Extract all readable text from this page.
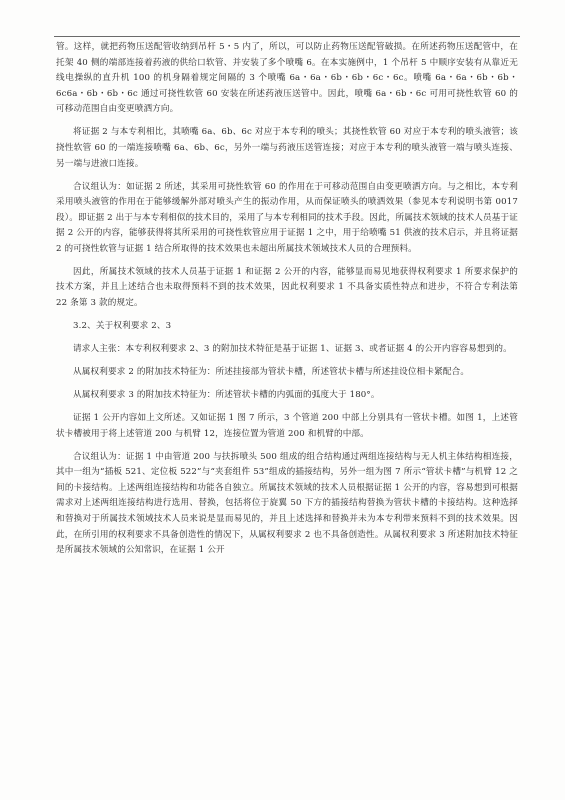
管。这样，就把药物压送配管收纳到吊杆 5・5 内了，所以，可以防止药物压送配管破损。在所述药物压送配管中，在托架 40 侧的端部连接着药液的供给口软管、并安装了多个喷嘴 6。在本实施例中，1 个吊杆 5 中顺序安装有从靠近无线电操纵的直升机 100 的机身隔着规定间隔的 3 个喷嘴 6a・6a・6b・6b・6c・6c。喷嘴 6a・6a・6b・6b・6c6a・6b・6b・6c 通过可挠性软管 60 安装在所述药液压送管中。因此，喷嘴 6a・6b・6c 可用可挠性软管 60 的可移动范围自由变更喷洒方向。

将证据 2 与本专利相比，其喷嘴 6a、6b、6c 对应于本专利的喷头；其挠性软管 60 对应于本专利的喷头液管；该挠性软管 60 的一端连接喷嘴 6a、6b、6c，另外一端与药液压送管连接；对应于本专利的喷头液管一端与喷头连接、另一端与进液口连接。

合议组认为：如证据 2 所述，其采用可挠性软管 60 的作用在于可移动范围自由变更喷洒方向。与之相比，本专利采用喷头液管的作用在于能够缓解外部对喷头产生的振动作用，从而保证喷头的喷洒效果（参见本专利说明书第 0017 段）。即证据 2 出于与本专利相似的技术目的，采用了与本专利相同的技术手段。因此，所属技术领域的技术人员基于证据 2 公开的内容，能够获得将其所采用的可挠性软管应用于证据 1 之中，用于给喷嘴 51 供液的技术启示，并且将证据 2 的可挠性软管与证据 1 结合所取得的技术效果也未超出所属技术领域技术人员的合理预料。

因此，所属技术领域的技术人员基于证据 1 和证据 2 公开的内容，能够显而易见地获得权利要求 1 所要求保护的技术方案，并且上述结合也未取得预料不到的技术效果，因此权利要求 1 不具备实质性特点和进步，不符合专利法第 22 条第 3 款的规定。

3.2、关于权利要求 2、3

请求人主张：本专利权利要求 2、3 的附加技术特征是基于证据 1、证据 3、或者证据 4 的公开内容容易想到的。

从属权利要求 2 的附加技术特征为：所述挂接部为管状卡槽，所述管状卡槽与所述挂设位相卡紧配合。

从属权利要求 3 的附加技术特征为：所述管状卡槽的内弧面的弧度大于 180°。

证据 1 公开内容如上文所述。又如证据 1 图 7 所示，3 个管道 200 中部上分别具有一管状卡槽。如图 1，上述管状卡槽被用于将上述管道 200 与机臂 12，连接位置为管道 200 和机臂的中部。

合议组认为：证据 1 中由管道 200 与扶拆喷头 500 组成的组合结构通过两组连接结构与无人机主体结构相连接，其中一组为“插板 521、定位板 522”与“夹套组件 53”组成的插接结构，另外一组为图 7 所示“管状卡槽”与机臂 12 之间的卡接结构。上述两组连接结构和功能各自独立。所属技术领域的技术人员根据证据 1 公开的内容，容易想到可根据需求对上述两组连接结构进行选用、替换，包括将位于旋翼 50 下方的插接结构替换为管状卡槽的卡接结构。这种选择和替换对于所属技术领域技术人员来说是显而易见的，并且上述选择和替换并未为本专利带来预料不到的技术效果。因此，在所引用的权利要求不具备创造性的情况下，从属权利要求 2 也不具备创造性。从属权利要求 3 所述附加技术特征是所属技术领域的公知常识，在证据 1 公开
